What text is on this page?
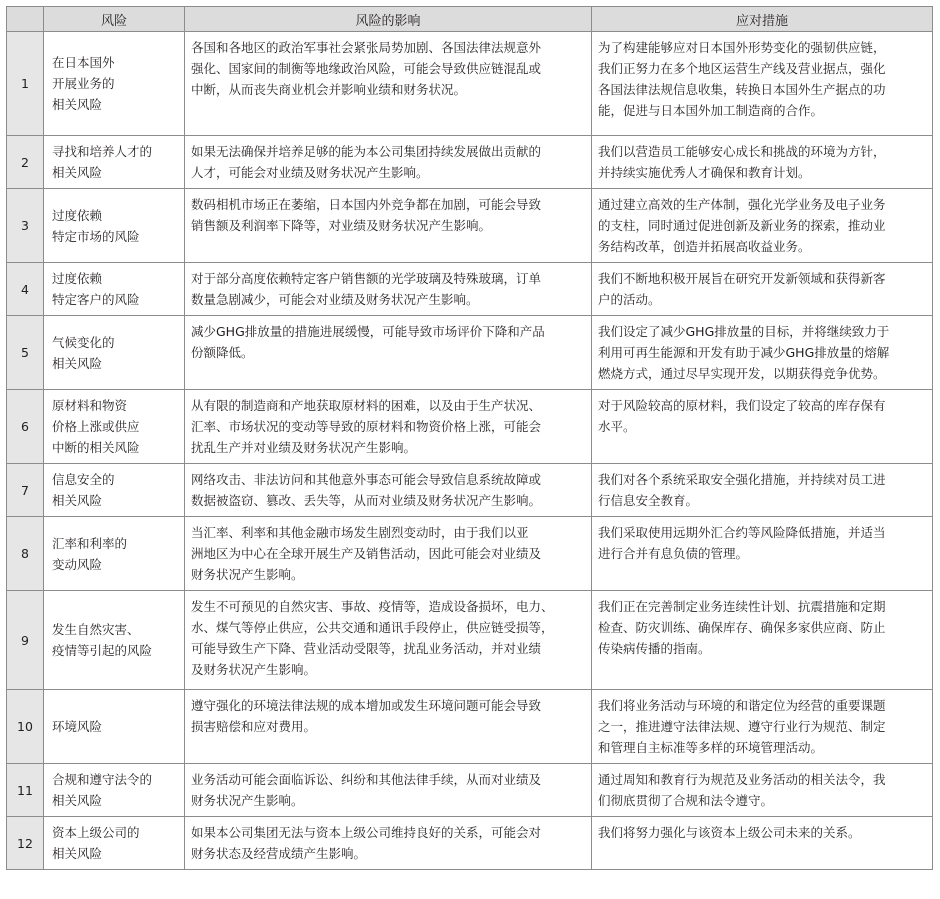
	风险	风险的影响	应对措施
1	在日本国外
开展业务的
相关风险	各国和各地区的政治军事社会紧张局势加剧、各国法律法规意外
强化、国家间的制衡等地缘政治风险，可能会导致供应链混乱或
中断，从而丧失商业机会并影响业绩和财务状况。	为了构建能够应对日本国外形势变化的强韧供应链，
我们正努力在多个地区运营生产线及营业据点，强化
各国法律法规信息收集，转换日本国外生产据点的功
能，促进与日本国外加工制造商的合作。

2	寻找和培养人才的
相关风险	如果无法确保并培养足够的能为本公司集团持续发展做出贡献的
人才，可能会对业绩及财务状况产生影响。	我们以营造员工能够安心成长和挑战的环境为方针，
并持续实施优秀人才确保和教育计划。

3	过度依赖
特定市场的风险	数码相机市场正在萎缩，日本国内外竞争都在加剧，可能会导致
销售额及利润率下降等，对业绩及财务状况产生影响。	通过建立高效的生产体制，强化光学业务及电子业务
的支柱，同时通过促进创新及新业务的探索，推动业
务结构改革，创造并拓展高收益业务。

4	过度依赖
特定客户的风险	对于部分高度依赖特定客户销售额的光学玻璃及特殊玻璃，订单
数量急剧减少，可能会对业绩及财务状况产生影响。	我们不断地积极开展旨在研究开发新领域和获得新客
户的活动。

5	气候变化的
相关风险	减少GHG排放量的措施进展缓慢，可能导致市场评价下降和产品
份额降低。	我们设定了减少GHG排放量的目标，并将继续致力于
利用可再生能源和开发有助于减少GHG排放量的熔解
燃烧方式，通过尽早实现开发，以期获得竞争优势。

6	原材料和物资
价格上涨或供应
中断的相关风险	从有限的制造商和产地获取原材料的困难，以及由于生产状况、
汇率、市场状况的变动等导致的原材料和物资价格上涨，可能会
扰乱生产并对业绩及财务状况产生影响。	对于风险较高的原材料，我们设定了较高的库存保有
水平。

7	信息安全的
相关风险	网络攻击、非法访问和其他意外事态可能会导致信息系统故障或
数据被盗窃、篡改、丢失等，从而对业绩及财务状况产生影响。	我们对各个系统采取安全强化措施，并持续对员工进
行信息安全教育。

8	汇率和利率的
变动风险	当汇率、利率和其他金融市场发生剧烈变动时，由于我们以亚
洲地区为中心在全球开展生产及销售活动，因此可能会对业绩及
财务状况产生影响。	我们采取使用远期外汇合约等风险降低措施，并适当
进行合并有息负债的管理。

9	发生自然灾害、
疫情等引起的风险	发生不可预见的自然灾害、事故、疫情等，造成设备损坏，电力、
水、煤气等停止供应，公共交通和通讯手段停止，供应链受损等，
可能导致生产下降、营业活动受限等，扰乱业务活动，并对业绩
及财务状况产生影响。	我们正在完善制定业务连续性计划、抗震措施和定期
检查、防灾训练、确保库存、确保多家供应商、防止
传染病传播的指南。

10	环境风险	遵守强化的环境法律法规的成本增加或发生环境问题可能会导致
损害赔偿和应对费用。	我们将业务活动与环境的和谐定位为经营的重要课题
之一，推进遵守法律法规、遵守行业行为规范、制定
和管理自主标准等多样的环境管理活动。

11	合规和遵守法令的
相关风险	业务活动可能会面临诉讼、纠纷和其他法律手续，从而对业绩及
财务状况产生影响。	通过周知和教育行为规范及业务活动的相关法令，我
们彻底贯彻了合规和法令遵守。

12	资本上级公司的
相关风险	如果本公司集团无法与资本上级公司维持良好的关系，可能会对
财务状态及经营成绩产生影响。	我们将努力强化与该资本上级公司未来的关系。
